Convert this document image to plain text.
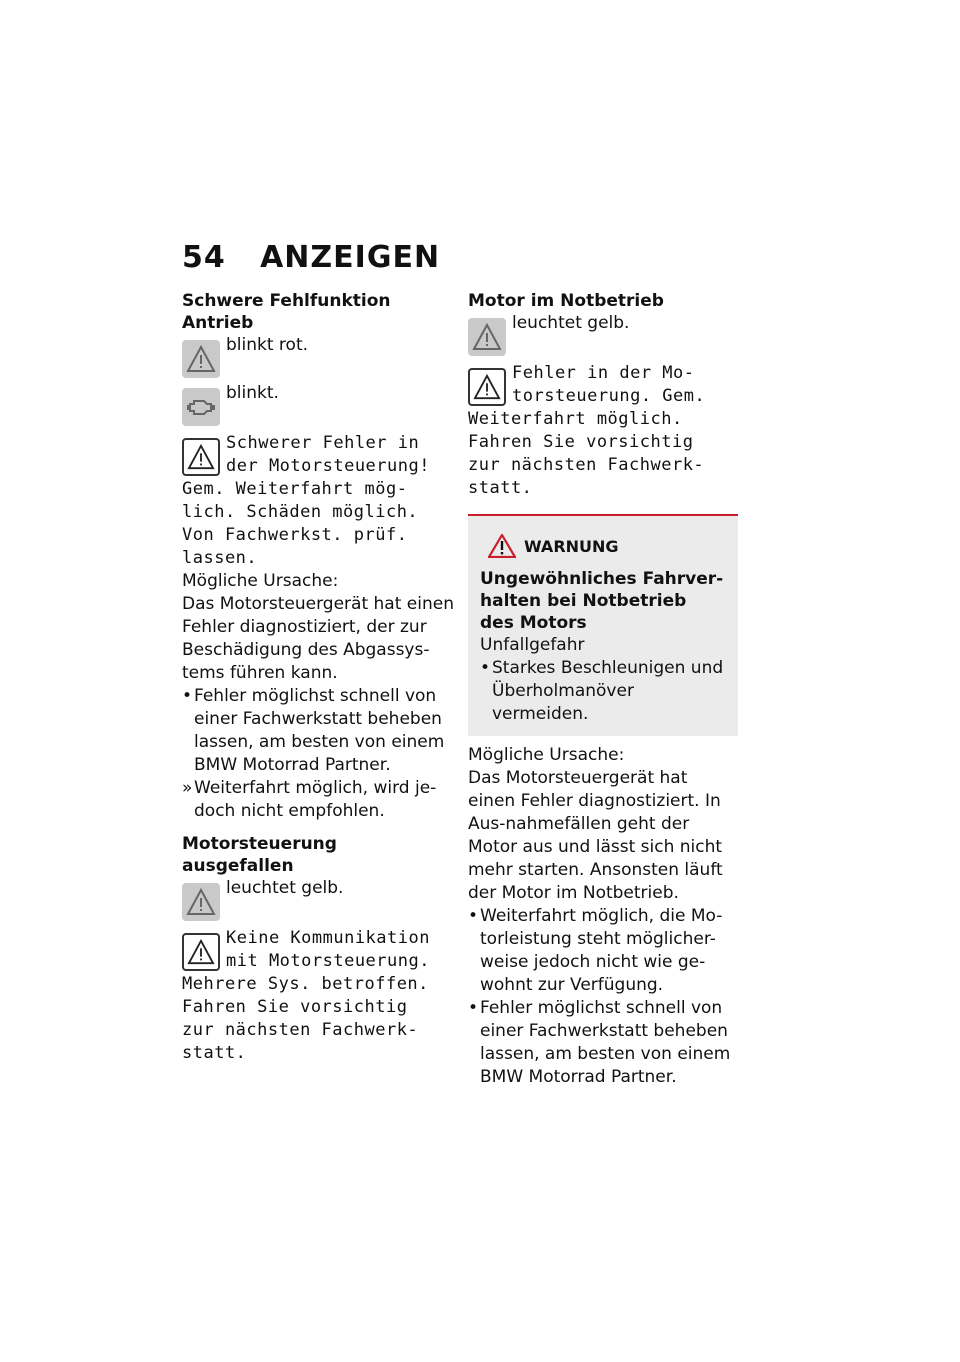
54 ANZEIGEN

Schwere Fehlfunktion Antrieb

blinkt rot.

blinkt.

Schwerer Fehler in

der Motorsteuerung!

Gem. Weiterfahrt mög-
lich. Schäden möglich.
Von Fachwerkst. prüf.
lassen.

Mögliche Ursache:

Das Motorsteuergerät hat einen Fehler diagnostiziert, der zur Beschädigung des Abgassys-tems führen kann.

• Fehler möglichst schnell von einer Fachwerkstatt beheben lassen, am besten von einem BMW Motorrad Partner.
» Weiterfahrt möglich, wird je-doch nicht empfohlen.

Motorsteuerung ausgefallen

leuchtet gelb.

Keine Kommunikation

mit Motorsteuerung.

Mehrere Sys. betroffen.
Fahren Sie vorsichtig
zur nächsten Fachwerk-
statt.

Motor im Notbetrieb

leuchtet gelb.

Fehler in der Mo-

torsteuerung. Gem.

Weiterfahrt möglich.
Fahren Sie vorsichtig
zur nächsten Fachwerk-
statt.

WARNUNG

Ungewöhnliches Fahrver-halten bei Notbetrieb des Motors

Unfallgefahr

• Starkes Beschleunigen und Überholmanöver vermeiden.

Mögliche Ursache:

Das Motorsteuergerät hat einen Fehler diagnostiziert. In Aus-nahmefällen geht der Motor aus und lässt sich nicht mehr starten. Ansonsten läuft der Motor im Notbetrieb.

• Weiterfahrt möglich, die Mo-torleistung steht möglicher-weise jedoch nicht wie ge-wohnt zur Verfügung.
• Fehler möglichst schnell von einer Fachwerkstatt beheben lassen, am besten von einem BMW Motorrad Partner.
